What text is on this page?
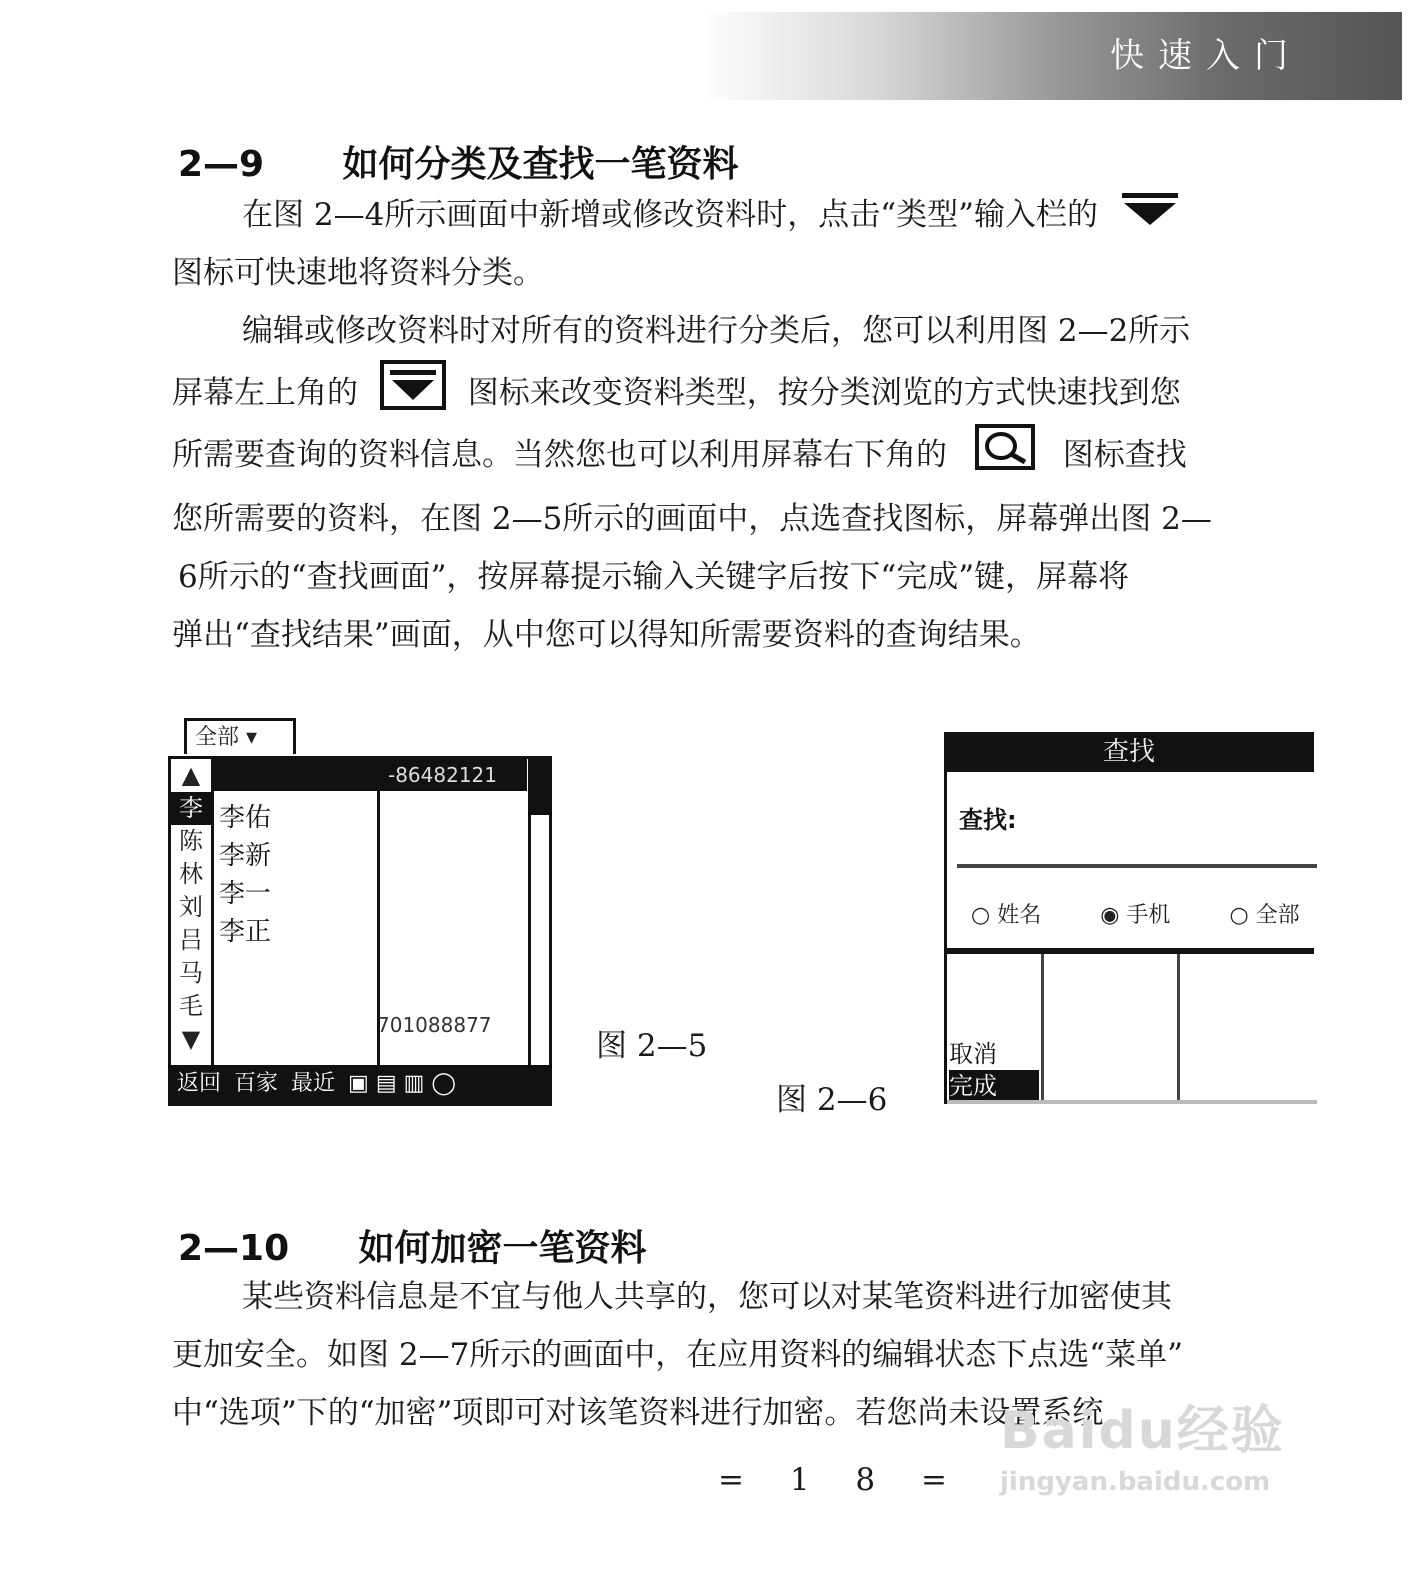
快速入门
2—9 如何分类及查找一笔资料
在图 2—4所示画面中新增或修改资料时，点击“类型”输入栏的
图标可快速地将资料分类。
编辑或修改资料时对所有的资料进行分类后，您可以利用图 2—2所示
屏幕左上角的	图标来改变资料类型，按分类浏览的方式快速找到您
所需要查询的资料信息。当然您也可以利用屏幕右下角的	图标查找
您所需要的资料，在图 2—5所示的画面中，点选查找图标，屏幕弹出图 2—
6所示的“查找画面”，按屏幕提示输入关键字后按下“完成”键，屏幕将
弹出“查找结果”画面，从中您可以得知所需要资料的查询结果。
全部 ▾
▲
李
陈
林
刘
吕
马
毛
▼
-86482121
李佑
李新
李一
李正
701088877
返回 百家 最近 ▣ ▤ ▥ ◯
图 2—5
图 2—6
查找
查找:
○ 姓名	◉ 手机	○ 全部
取消
完成
2—10 如何加密一笔资料
某些资料信息是不宜与他人共享的，您可以对某笔资料进行加密使其
更加安全。如图 2—7所示的画面中，在应用资料的编辑状态下点选“菜单”
中“选项”下的“加密”项即可对该笔资料进行加密。若您尚未设置系统
Baidu经验
jingyan.baidu.com
= 1 8 =
